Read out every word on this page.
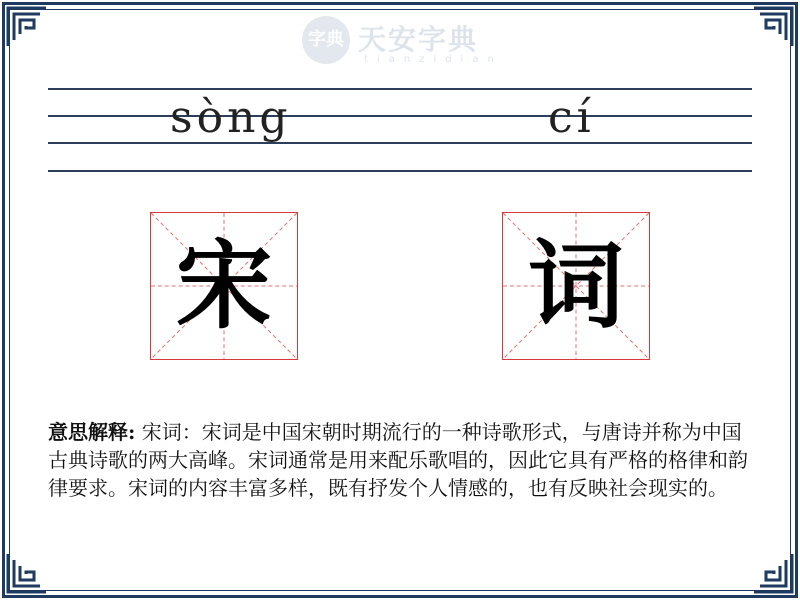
字典 天安字典
tianzidian
sòng	cí
宋	词
意思解释: 宋词：宋词是中国宋朝时期流行的一种诗歌形式，与唐诗并称为中国古典诗歌的两大高峰。宋词通常是用来配乐歌唱的，因此它具有严格的格律和韵律要求。宋词的内容丰富多样，既有抒发个人情感的，也有反映社会现实的。
